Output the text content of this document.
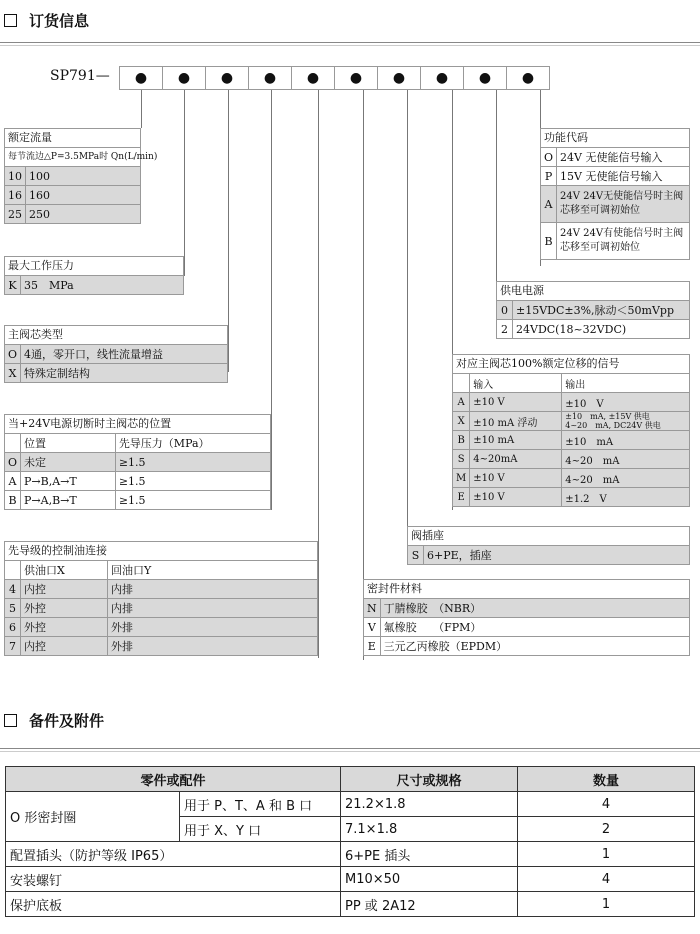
订货信息
SP791—	●	●	●	●	●	●	●	●	●	●
额定流量
每节流边△P=3.5MPa时 Qn(L/min)
10	100
16	160
25	250
最大工作压力
K	35　MPa
主阀芯类型
O	4通，零开口，线性流量增益
X	特殊定制结构
当+24V电源切断时主阀芯的位置
	位置	先导压力（MPa）
O	未定	≥1.5
A	P→B,A→T	≥1.5
B	P→A,B→T	≥1.5
先导级的控制油连接
	供油口X	回油口Y
4	内控	内排
5	外控	内排
6	外控	外排
7	内控	外排
功能代码
O	24V 无使能信号输入
P	15V 无使能信号输入
A	24V 24V无使能信号时主阀
芯移至可调初始位

B	24V 24V有使能信号时主阀
芯移至可调初始位
供电电源
0	±15VDC±3%,脉动＜50mVpp
2	24VDC(18~32VDC)
对应主阀芯100%额定位移的信号
	输入	输出
A	±10 V	±10　V
X	±10 mA 浮动	±10　mA, ±15V 供电
4~20　mA, DC24V 供电

B	±10 mA	±10　mA
S	4~20mA	4~20　mA
M	±10 V	4~20　mA
E	±10 V	±1.2　V
阀插座
S	6+PE，插座
密封件材料
N	丁腈橡胶　（NBR）
V	氟橡胶　　（FPM）
E	三元乙丙橡胶（EPDM）
备件及附件
零件或配件		尺寸或规格	数量
O 形密封圈	用于 P、T、A 和 B 口	21.2×1.8	4
	用于 X、Y 口	7.1×1.8	2
配置插头（防护等级 IP65）		6+PE 插头	1
安装螺钉		M10×50	4
保护底板		PP 或 2A12	1
